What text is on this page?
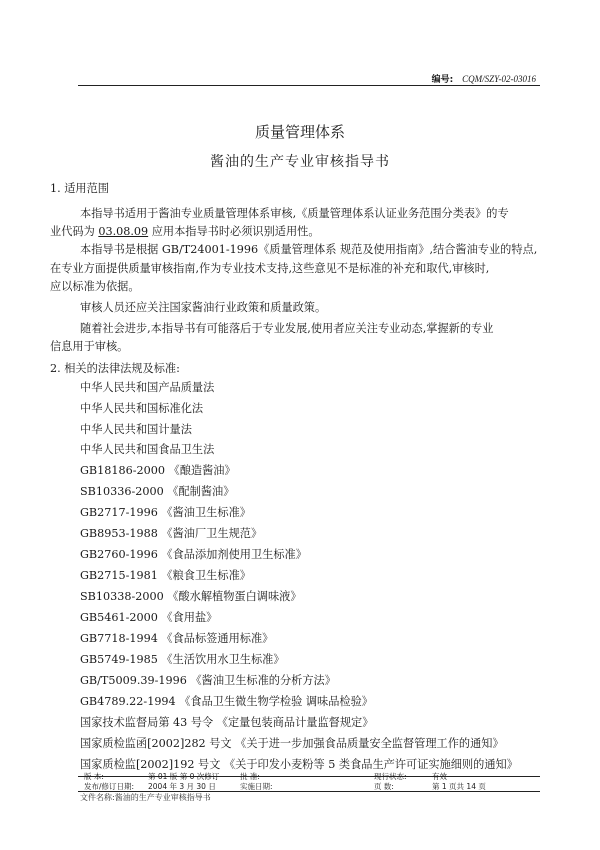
编号: CQM/SZY-02-03016
质量管理体系
酱油的生产专业审核指导书
1. 适用范围
本指导书适用于酱油专业质量管理体系审核,《质量管理体系认证业务范围分类表》的专
业代码为 03.08.09 应用本指导书时必须识别适用性。
本指导书是根据 GB/T24001-1996《质量管理体系 规范及使用指南》,结合酱油专业的特点,
在专业方面提供质量审核指南,作为专业技术支持,这些意见不是标准的补充和取代,审核时,
应以标准为依据。
审核人员还应关注国家酱油行业政策和质量政策。
随着社会进步,本指导书有可能落后于专业发展,使用者应关注专业动态,掌握新的专业
信息用于审核。
2. 相关的法律法规及标准:
中华人民共和国产品质量法
中华人民共和国标准化法
中华人民共和国计量法
中华人民共和国食品卫生法
GB18186-2000 《酿造酱油》
SB10336-2000 《配制酱油》
GB2717-1996 《酱油卫生标准》
GB8953-1988 《酱油厂卫生规范》
GB2760-1996 《食品添加剂使用卫生标准》
GB2715-1981 《粮食卫生标准》
SB10338-2000 《酸水解植物蛋白调味液》
GB5461-2000 《食用盐》
GB7718-1994 《食品标签通用标准》
GB5749-1985 《生活饮用水卫生标准》
GB/T5009.39-1996 《酱油卫生标准的分析方法》
GB4789.22-1994 《食品卫生微生物学检验 调味品检验》
国家技术监督局第 43 号令 《定量包装商品计量监督规定》
国家质检监函[2002]282 号文 《关于进一步加强食品质量安全监督管理工作的通知》
国家质检监[2002]192 号文 《关于印发小麦粉等 5 类食品生产许可证实施细则的通知》
版 本:	第 01 版 第 0 次修订	批 准:	现行状态:	有效
发布/修订日期: 2004 年 3 月 30 日	实施日期:	页 数:	第 1 页共 14 页
文件名称:酱油的生产专业审核指导书
